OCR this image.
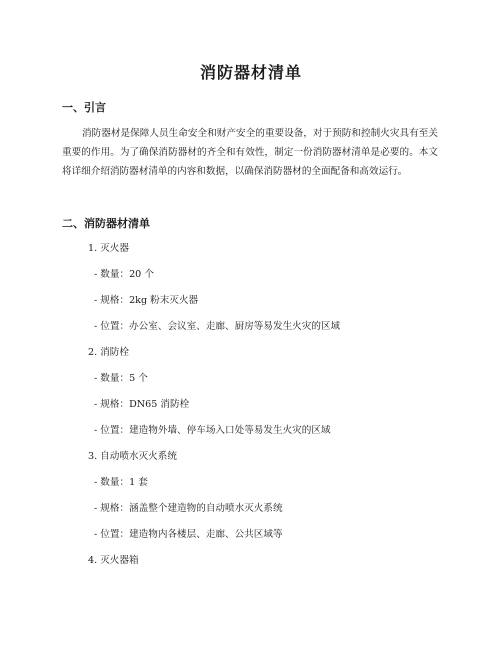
消防器材清单
一、引言
消防器材是保障人员生命安全和财产安全的重要设备，对于预防和控制火灾具有至关重要的作用。为了确保消防器材的齐全和有效性，制定一份消防器材清单是必要的。本文将详细介绍消防器材清单的内容和数据，以确保消防器材的全面配备和高效运行。
二、消防器材清单
1. 灭火器
- 数量：20 个
- 规格：2kg 粉末灭火器
- 位置：办公室、会议室、走廊、厨房等易发生火灾的区域
2. 消防栓
- 数量：5 个
- 规格：DN65 消防栓
- 位置：建造物外墙、停车场入口处等易发生火灾的区域
3. 自动喷水灭火系统
- 数量：1 套
- 规格：涵盖整个建造物的自动喷水灭火系统
- 位置：建造物内各楼层、走廊、公共区域等
4. 灭火器箱
